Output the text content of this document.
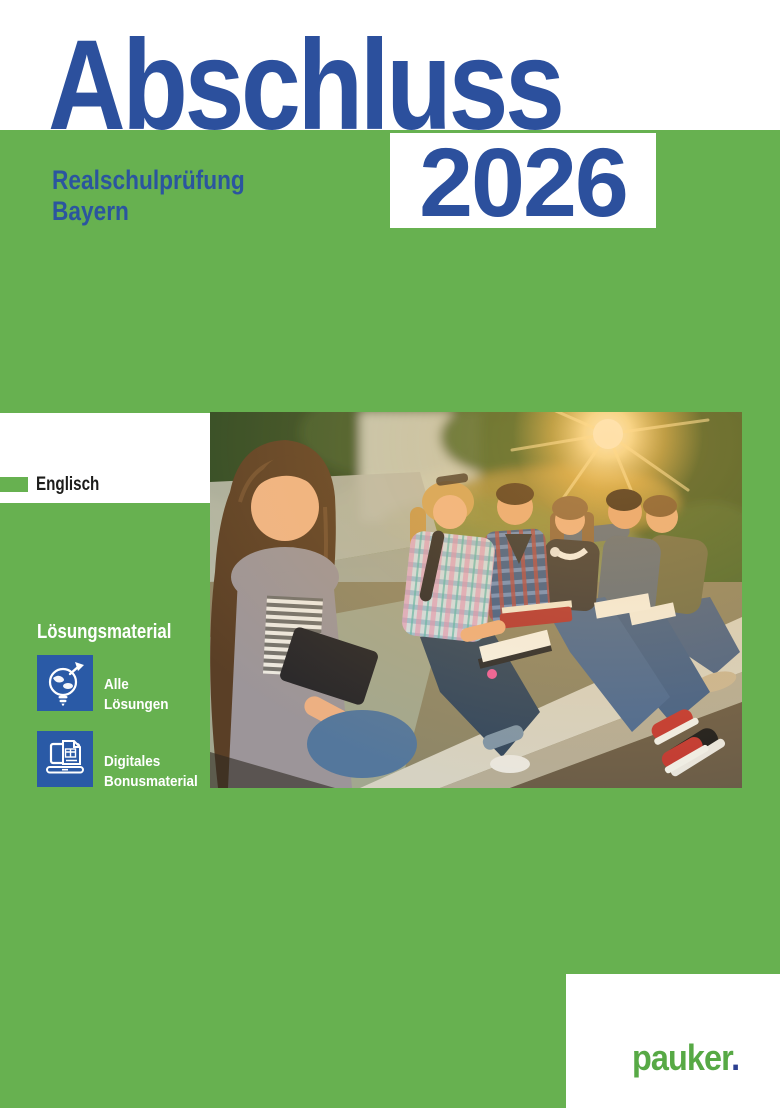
Abschluss
2026
Realschulprüfung
Bayern
Englisch
Lösungsmaterial
Alle
Lösungen
Digitales
Bonusmaterial
pauker.
